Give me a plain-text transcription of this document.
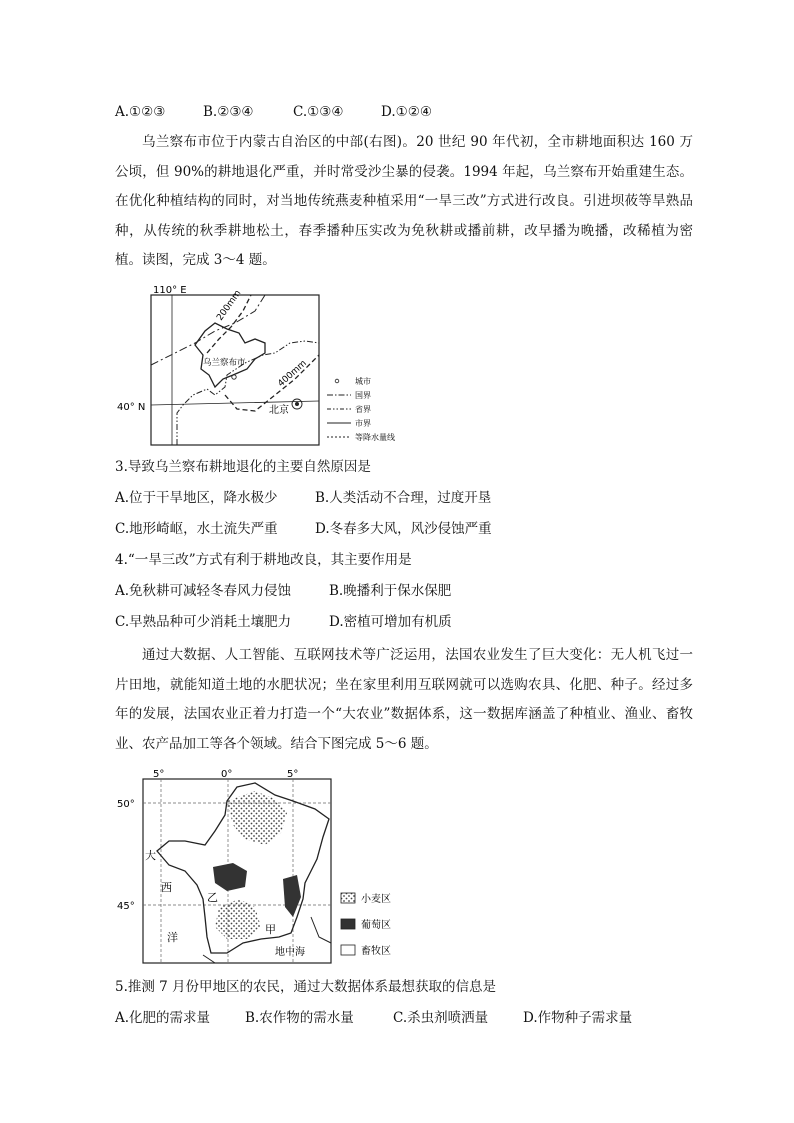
A.①②③	B.②③④	C.①③④	D.①②④

乌兰察布市位于内蒙古自治区的中部(右图)。20 世纪 90 年代初，全市耕地面积达 160 万公顷，但 90%的耕地退化严重，并时常受沙尘暴的侵袭。1994 年起，乌兰察布开始重建生态。在优化种植结构的同时，对当地传统燕麦种植采用“一旱三改”方式进行改良。引进坝莜等旱熟品种，从传统的秋季耕地松土，春季播种压实改为免秋耕或播前耕，改早播为晚播，改稀植为密植。读图，完成 3～4 题。

200mm
400mm
乌兰察布市
北京
110° E
40° N
城市
国界
省界
市界
等降水量线
3.导致乌兰察布耕地退化的主要自然原因是
A.位于干旱地区，降水极少	B.人类活动不合理，过度开垦
C.地形崎岖，水土流失严重	D.冬春多大风，风沙侵蚀严重
4.“一旱三改”方式有利于耕地改良，其主要作用是
A.免秋耕可减轻冬春风力侵蚀	B.晚播利于保水保肥
C.早熟品种可少消耗土壤肥力	D.密植可增加有机质

通过大数据、人工智能、互联网技术等广泛运用，法国农业发生了巨大变化：无人机飞过一片田地，就能知道土地的水肥状况；坐在家里利用互联网就可以选购农具、化肥、种子。经过多年的发展，法国农业正着力打造一个“大农业”数据体系，这一数据库涵盖了种植业、渔业、畜牧业、农产品加工等各个领域。结合下图完成 5～6 题。

5°	0°	5°
50°
45°
大
西
洋
乙
甲
地中海
小麦区
葡萄区
畜牧区
5.推测 7 月份甲地区的农民，通过大数据体系最想获取的信息是
A.化肥的需求量	B.农作物的需水量	C.杀虫剂喷洒量	D.作物种子需求量
